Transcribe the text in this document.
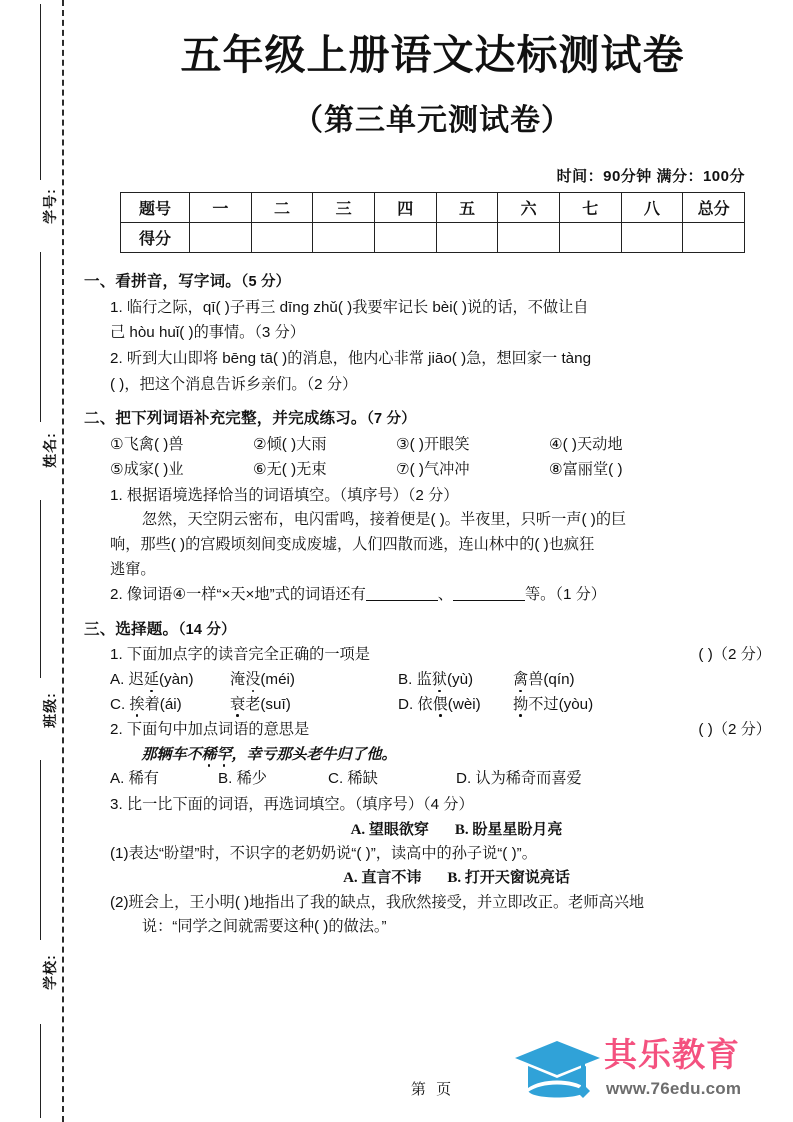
学号:
姓名:
班级:
学校:
五年级上册语文达标测试卷
（第三单元测试卷）
时间：90分钟 满分：100分
题号	一	二	三	四	五	六	七	八	总分
得分									
一、看拼音，写字词。（5 分）
1. 临行之际，qī( )子再三 dīng zhǔ( )我要牢记长 bèi( )说的话，不做让自
己 hòu huǐ( )的事情。（3 分）
2. 听到大山即将 bēng tā( )的消息，他内心非常 jiāo( )急，想回家一 tàng
( )，把这个消息告诉乡亲们。（2 分）
二、把下列词语补充完整，并完成练习。（7 分）
①飞禽( )兽	②倾( )大雨	③( )开眼笑	④( )天动地
⑤成家( )业	⑥无( )无束	⑦( )气冲冲	⑧富丽堂( )
1. 根据语境选择恰当的词语填空。（填序号）（2 分）
忽然，天空阴云密布，电闪雷鸣，接着便是( )。半夜里，只听一声( )的巨
响，那些( )的宫殿顷刻间变成废墟，人们四散而逃，连山林中的( )也疯狂
逃窜。
2. 像词语④一样“×天×地”式的词语还有	、	等。（1 分）
三、选择题。（14 分）
( )（2 分）
1. 下面加点字的读音完全正确的一项是
A. 迟延(yàn)	淹没(méi)	B. 监狱(yù)	禽兽(qín)
C. 挨着(ái)	衰老(suī)	D. 依偎(wèi)	拗不过(yòu)
( )（2 分）
2. 下面句中加点词语的意思是
那辆车不稀罕，幸亏那头老牛归了他。
A. 稀有	B. 稀少	C. 稀缺	D. 认为稀奇而喜爱
3. 比一比下面的词语，再选词填空。（填序号）（4 分）
A. 望眼欲穿 B. 盼星星盼月亮
(1)表达“盼望”时，不识字的老奶奶说“( )”，读高中的孙子说“( )”。
A. 直言不讳 B. 打开天窗说亮话
(2)班会上，王小明( )地指出了我的缺点，我欣然接受，并立即改正。老师高兴地
说：“同学之间就需要这种( )的做法。”
第 页
其乐教育
www.76edu.com
